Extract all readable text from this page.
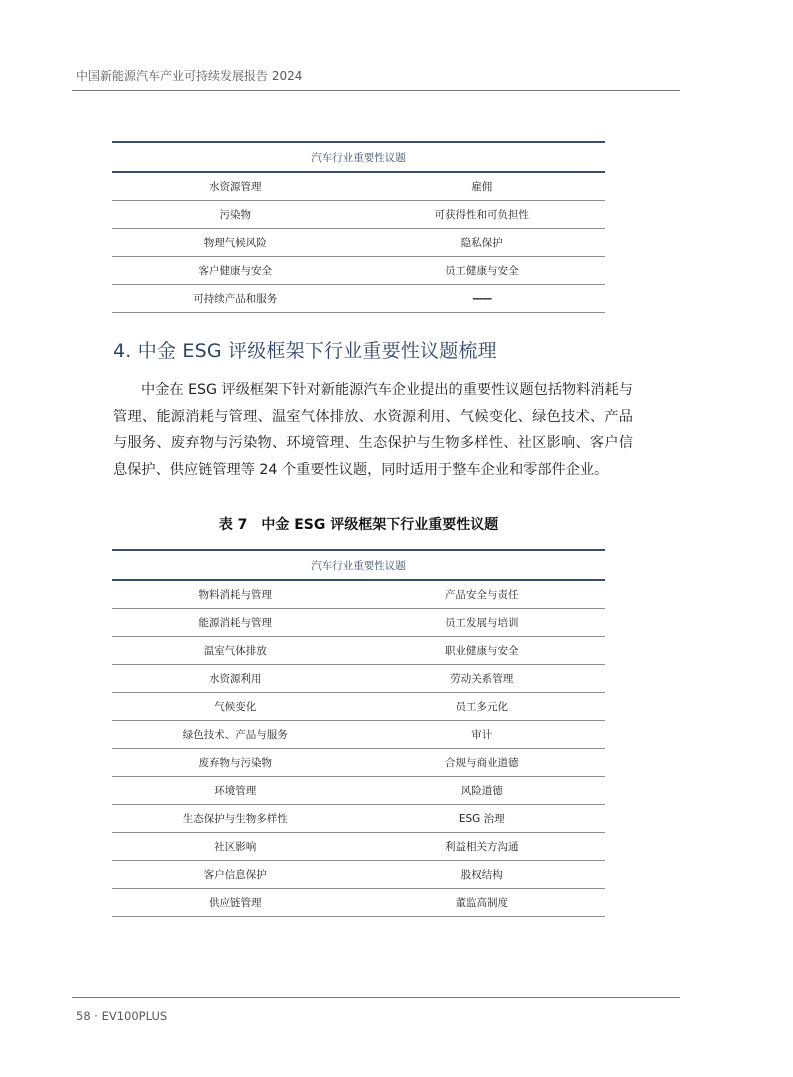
中国新能源汽车产业可持续发展报告 2024
汽车行业重要性议题	
水资源管理	雇佣
污染物	可获得性和可负担性
物理气候风险	隐私保护
客户健康与安全	员工健康与安全
可持续产品和服务	——
4. 中金 ESG 评级框架下行业重要性议题梳理

中金在 ESG 评级框架下针对新能源汽车企业提出的重要性议题包括物料消耗与管理、能源消耗与管理、温室气体排放、水资源利用、气候变化、绿色技术、产品与服务、废弃物与污染物、环境管理、生态保护与生物多样性、社区影响、客户信息保护、供应链管理等 24 个重要性议题，同时适用于整车企业和零部件企业。

表 7　中金 ESG 评级框架下行业重要性议题

汽车行业重要性议题	
物料消耗与管理	产品安全与责任
能源消耗与管理	员工发展与培训
温室气体排放	职业健康与安全
水资源利用	劳动关系管理
气候变化	员工多元化
绿色技术、产品与服务	审计
废弃物与污染物	合规与商业道德
环境管理	风险道德
生态保护与生物多样性	ESG 治理
社区影响	利益相关方沟通
客户信息保护	股权结构
供应链管理	董监高制度
58 · EV100PLUS
